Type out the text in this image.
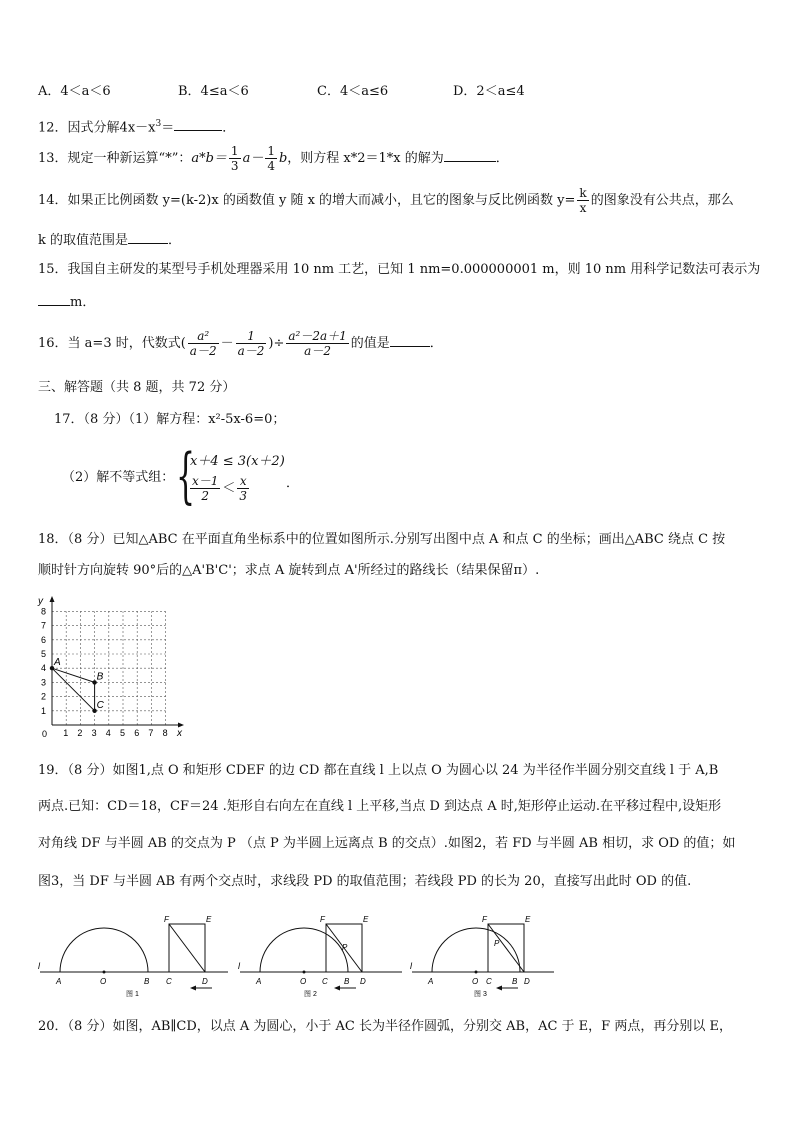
A．4＜a＜6	B．4≤a＜6	C．4＜a≤6	D．2＜a≤4
12．因式分解$4x-x^3=$	．
13．规定一种新运算“*”：$a*b= \frac{1}{3} a- \frac{1}{4}$ b，则方程 x*2＝1*x 的解为	．
14．如果正比例函数 y=(k-2)x 的函数值 y 随 x 的增大而减小，且它的图象与反比例函数 $y= \frac{k}{x}$ 的图象没有公共点，那么
k 的取值范围是	．
15．我国自主研发的某型号手机处理器采用 10 nm 工艺，已知 1 nm=0.000000001 m，则 10 nm 用科学记数法可表示为
m．
16．当 a=3 时，代数式( $\frac{\text{a²}}{a-2} - \frac{1}{a-2}$ )÷ $\frac{\text{a²－2a＋1}}{a-2}$ 的值是	．
三、解答题（共 8 题，共 72 分）
17．（8 分）（1）解方程：x²-5x-6=0；
（2）解不等式组： {
x＋4 ≤ 3(x＋2)
$\frac{x-1}{2} < \frac{x}{3}$	．
18．（8 分）已知△ABC 在平面直角坐标系中的位置如图所示.分别写出图中点 A 和点 C 的坐标；画出△ABC 绕点 C 按
顺时针方向旋转 90°后的△A'B'C'；求点 A 旋转到点 A'所经过的路线长（结果保留π）.
y
x
0 1 2 3 4 5 6 7 8
1
2
3
4
5
6
7
8
A
B
C
19．（8 分）如图1,点 O 和矩形 CDEF 的边 CD 都在直线 l 上以点 O 为圆心以 24 为半径作半圆分别交直线 l 于 A,B
两点.已知：CD＝18，CF＝24 .矩形自右向左在直线 l 上平移,当点 D 到达点 A 时,矩形停止运动.在平移过程中,设矩形
对角线 DF 与半圆 AB 的交点为 P （点 P 为半圆上远离点 B 的交点）.如图2，若 FD 与半圆 AB 相切，求 OD 的值；如
图3，当 DF 与半圆 AB 有两个交点时，求线段 PD 的取值范围；若线段 PD 的长为 20，直接写出此时 OD 的值.
l
A	O	B C	D
F	E
图 1
l
A	O C B D
F	E
P
图 2
l
A	O C	B D
F	E
P
图 3
20．（8 分）如图，AB∥CD，以点 A 为圆心，小于 AC 长为半径作圆弧，分别交 AB，AC 于 E，F 两点，再分别以 E，
